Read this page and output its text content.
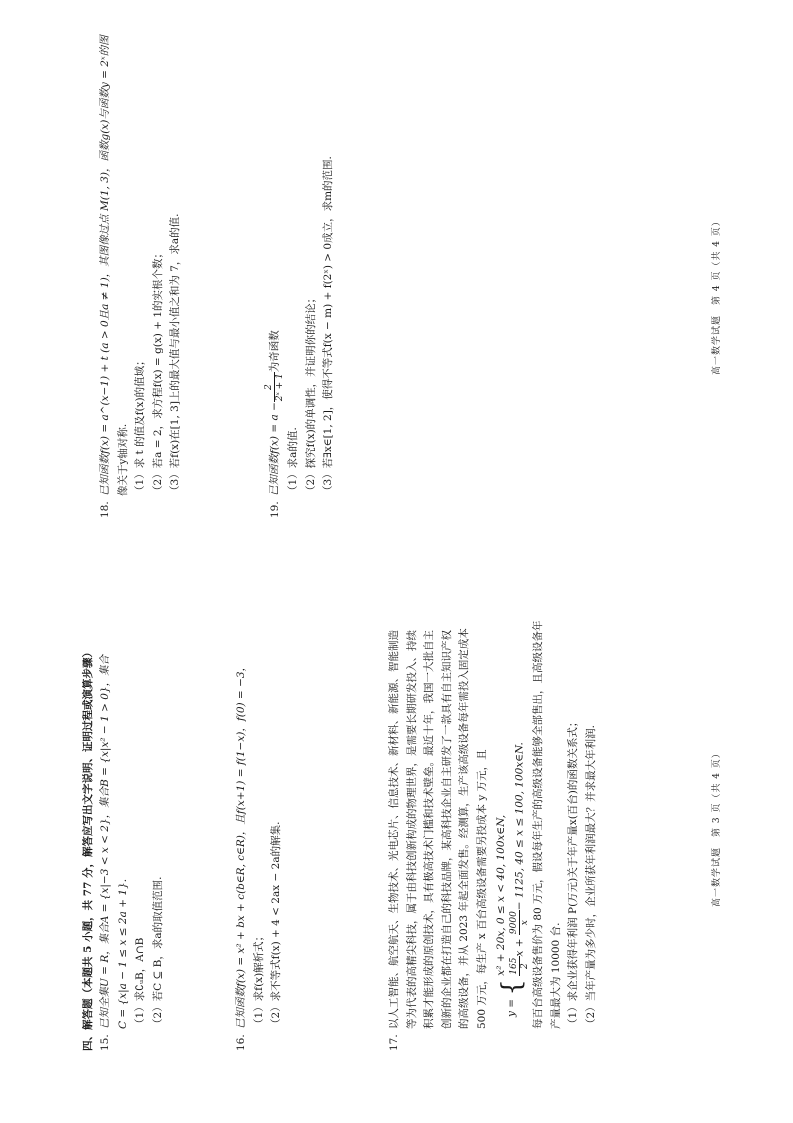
四、解答题（本题共 5 小题，共 77 分，解答应写出文字说明、证明过程或演算步骤） 15.已知全集U = R，集合A = {x|−3 < x < 2}，集合B = {x|x² − 1 > 0}，集合 C = {x|a − 1 ≤ x ≤ 2a + 1}. （1）求∁ᵤB，A∩B （2）若C ⊆ B，求a的取值范围.
16.已知函数f(x) = x² + bx + c(b∈R, c∈R)，且f(x+1) = f(1−x)，f(0) = −3， （1）求f(x)解析式； （2）求不等式f(x) + 4 < 2ax − 2a的解集.
17.以人工智能、航空航天、生物技术、光电芯片、信息技术、新材料、新能源、智能制造 等为代表的高精尖科技，属于由科技创新构成的物理世界，是需要长期研发投入、持续 积累才能形成的原创技术，具有极高技术门槛和技术壁垒。最近十年，我国一大批自主 创新的企业都在打造自己的科技品牌，某高科技企业自主研发了一款具有自主知识产权 的高级设备，并从 2023 年起全面发售。经测算，生产该高级设备每年需投入固定成本 500 万元，每生产 x 百台高级设备需要另投成本 y 万元，且	y = {
x² + 20x, 0 ≤ x < 40, 100x∈N, 165 2
x +
9000 x
− 1125, 40 ≤ x ≤ 100, 100x∈N. 每百台高级设备售价为 80 万元，假设每年生产的高级设备能够全部售出，且高级设备年 产量最大为 10000 台. （1）求企业获得年利润 P(万元)关于年产量x(百台)的函数关系式； （2）当年产量为多少时，企业所获年利润最大？并求最大年利润.	高一数学试题　第 3 页（共 4 页）
18.已知函数f(x) = a^(x−1) + t (a > 0且a ≠ 1)，其图像过点 M(1, 3)，函数g(x)与函数y = 2ˣ的图 像关于y轴对称. （1）求 t 的值及f(x)的值域； （2）若a = 2，求方程f(x) = g(x) + 1的实根个数； （3）若f(x)在[1, 3]上的最大值与最小值之和为 7，求a的值.
19.已知函数f(x) = a −
2 2ˣ + 1
为奇函数
（1）求a的值. （2）探究f(x)的单调性，并证明你的结论； （3）若∃x∈[1, 2]，使得不等式f(x − m) + f(2ˣ) > 0成立，求m的范围.	高一数学试题　第 4 页（共 4 页）
